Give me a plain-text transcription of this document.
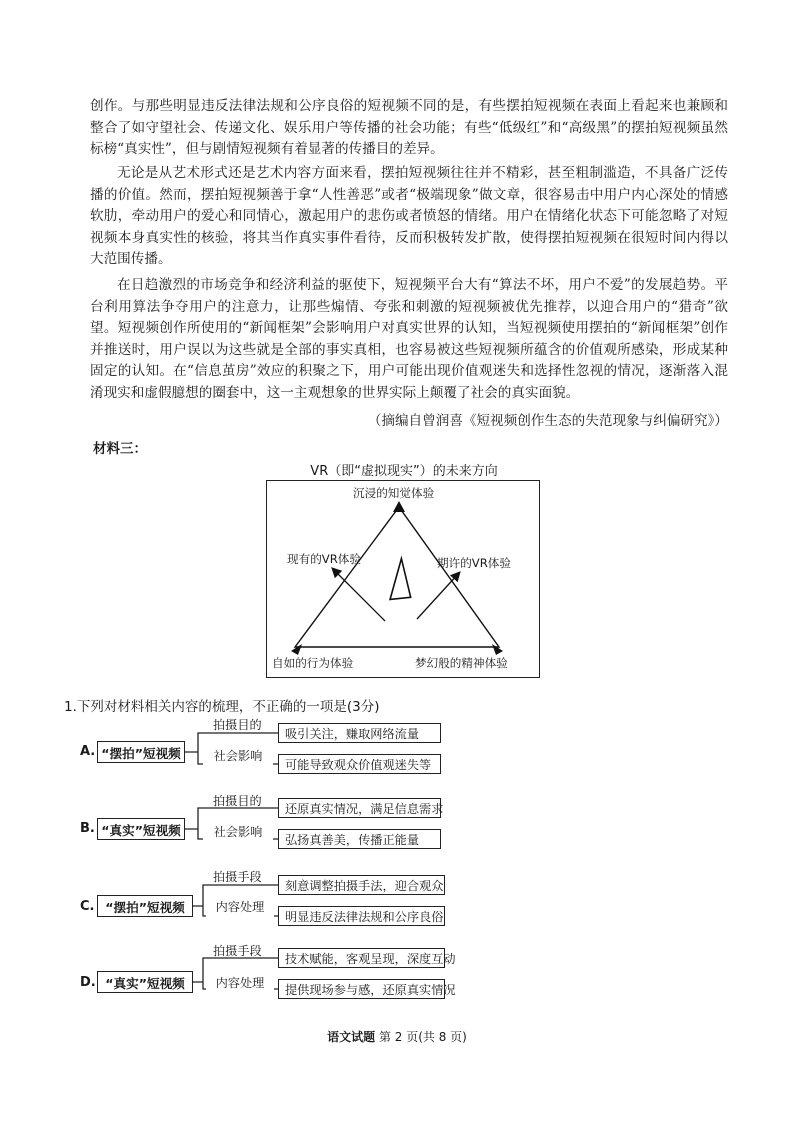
创作。与那些明显违反法律法规和公序良俗的短视频不同的是，有些摆拍短视频在表面上看起来也兼顾和整合了如守望社会、传递文化、娱乐用户等传播的社会功能；有些“低级红”和“高级黑”的摆拍短视频虽然标榜“真实性”，但与剧情短视频有着显著的传播目的差异。

无论是从艺术形式还是艺术内容方面来看，摆拍短视频往往并不精彩，甚至粗制滥造，不具备广泛传播的价值。然而，摆拍短视频善于拿“人性善恶”或者“极端现象”做文章，很容易击中用户内心深处的情感软肋，牵动用户的爱心和同情心，激起用户的悲伤或者愤怒的情绪。用户在情绪化状态下可能忽略了对短视频本身真实性的核验，将其当作真实事件看待，反而积极转发扩散，使得摆拍短视频在很短时间内得以大范围传播。

在日趋激烈的市场竞争和经济利益的驱使下，短视频平台大有“算法不坏，用户不爱”的发展趋势。平台利用算法争夺用户的注意力，让那些煽情、夸张和刺激的短视频被优先推荐，以迎合用户的“猎奇”欲望。短视频创作所使用的“新闻框架”会影响用户对真实世界的认知，当短视频使用摆拍的“新闻框架”创作并推送时，用户误以为这些就是全部的事实真相，也容易被这些短视频所蕴含的价值观所感染，形成某种固定的认知。在“信息茧房”效应的积聚之下，用户可能出现价值观迷失和选择性忽视的情况，逐渐落入混淆现实和虚假臆想的圈套中，这一主观想象的世界实际上颠覆了社会的真实面貌。

（摘编自曾润喜《短视频创作生态的失范现象与纠偏研究》）

材料三：

VR（即“虚拟现实”）的未来方向

沉浸的知觉体验
自如的行为体验	梦幻般的精神体验
现有的VR体验	期许的VR体验

1.下列对材料相关内容的梳理，不正确的一项是(3分)

A. “摆拍”短视频
拍摄目的
社会影响
吸引关注，赚取网络流量
可能导致观众价值观迷失等
B. “真实”短视频
拍摄目的
社会影响
还原真实情况，满足信息需求
弘扬真善美，传播正能量
C. “摆拍”短视频
拍摄手段
内容处理
刻意调整拍摄手法，迎合观众
明显违反法律法规和公序良俗
D. “真实”短视频
拍摄手段
内容处理
技术赋能，客观呈现，深度互动
提供现场参与感，还原真实情况

语文试题 第 2 页(共 8 页)
